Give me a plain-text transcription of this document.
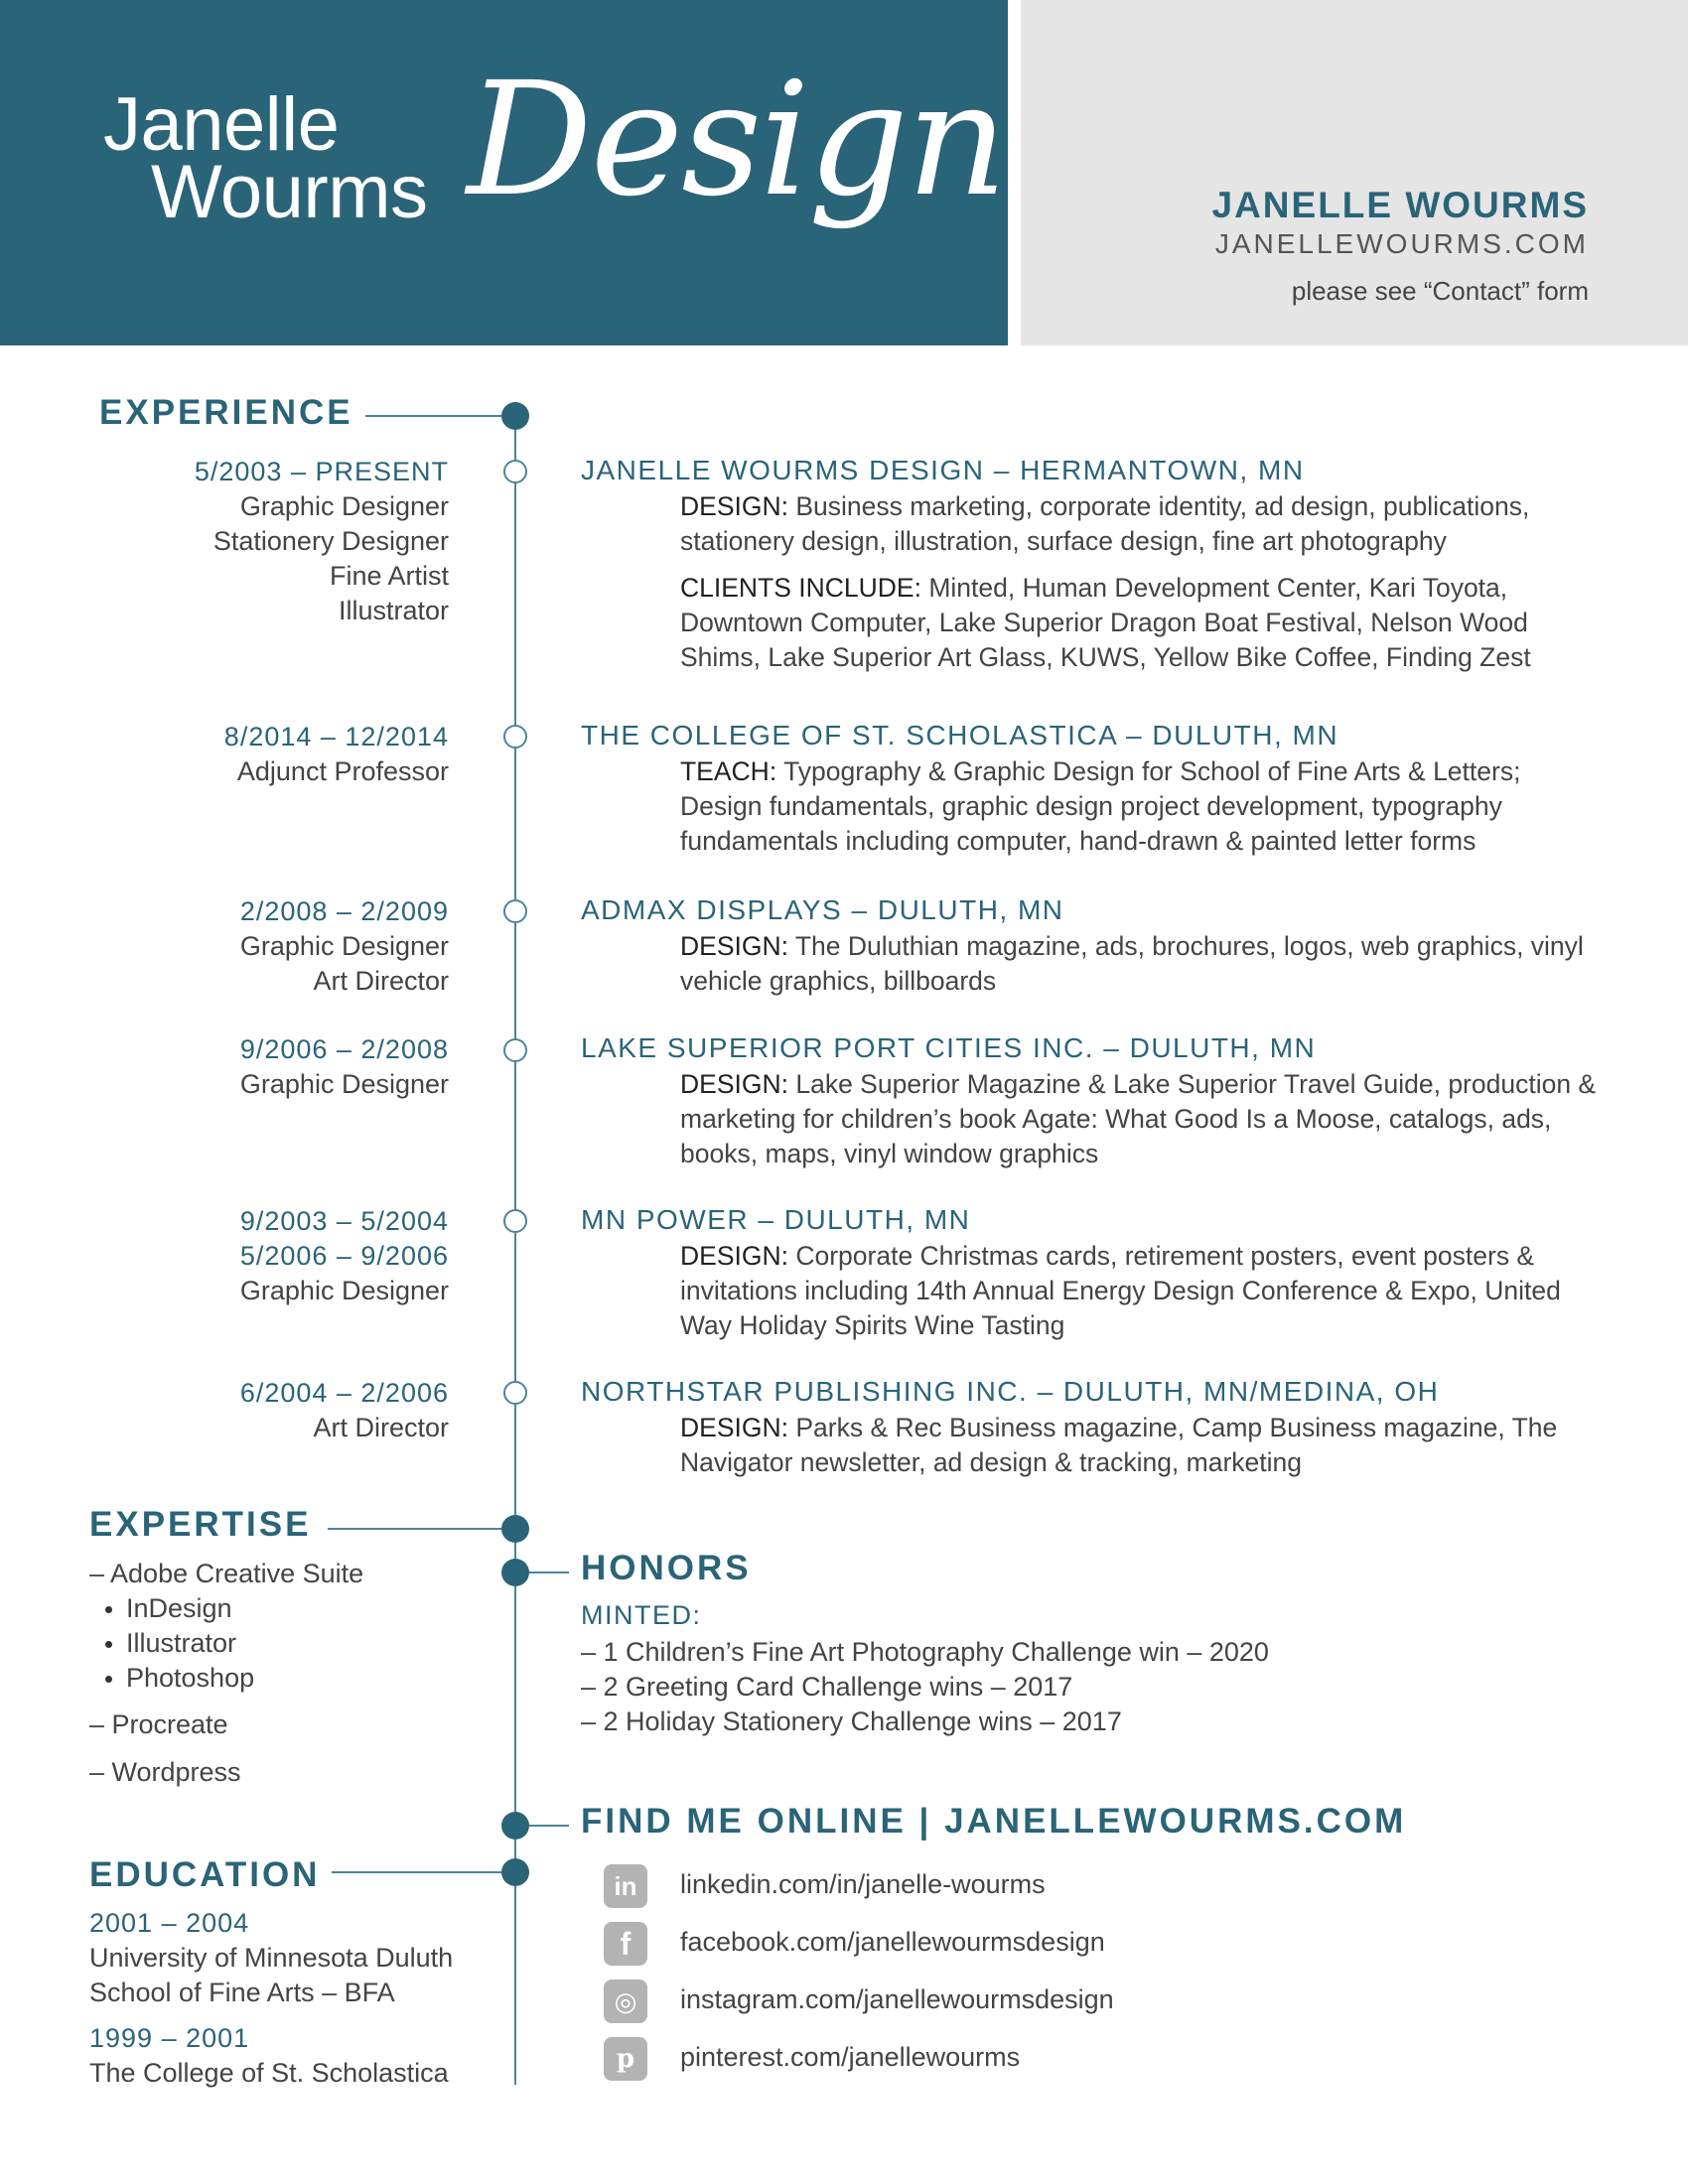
Janelle
Wourms Design	JANELLE WOURMS
JANELLEWOURMS.COM
please see “Contact” form
EXPERIENCE
5/2003 – PRESENT
Graphic Designer
Stationery Designer
Fine Artist
Illustrator
JANELLE WOURMS DESIGN – HERMANTOWN, MN
DESIGN: Business marketing, corporate identity, ad design, publications, stationery design, illustration, surface design, fine art photography
CLIENTS INCLUDE: Minted, Human Development Center, Kari Toyota, Downtown Computer, Lake Superior Dragon Boat Festival, Nelson Wood Shims, Lake Superior Art Glass, KUWS, Yellow Bike Coffee, Finding Zest
8/2014 – 12/2014
Adjunct Professor
THE COLLEGE OF ST. SCHOLASTICA – DULUTH, MN
TEACH: Typography & Graphic Design for School of Fine Arts & Letters; Design fundamentals, graphic design project development, typography fundamentals including computer, hand-drawn & painted letter forms
2/2008 – 2/2009
Graphic Designer
Art Director
ADMAX DISPLAYS – DULUTH, MN
DESIGN: The Duluthian magazine, ads, brochures, logos, web graphics, vinyl vehicle graphics, billboards
9/2006 – 2/2008
Graphic Designer
LAKE SUPERIOR PORT CITIES INC. – DULUTH, MN
DESIGN: Lake Superior Magazine & Lake Superior Travel Guide, production & marketing for children’s book Agate: What Good Is a Moose, catalogs, ads, books, maps, vinyl window graphics
9/2003 – 5/2004
5/2006 – 9/2006
Graphic Designer
MN POWER – DULUTH, MN
DESIGN: Corporate Christmas cards, retirement posters, event posters & invitations including 14th Annual Energy Design Conference & Expo, United Way Holiday Spirits Wine Tasting
6/2004 – 2/2006
Art Director
NORTHSTAR PUBLISHING INC. – DULUTH, MN/MEDINA, OH
DESIGN: Parks & Rec Business magazine, Camp Business magazine, The Navigator newsletter, ad design & tracking, marketing
EXPERTISE
– Adobe Creative Suite
InDesign
Illustrator
Photoshop
– Procreate
– Wordpress
HONORS
MINTED:
– 1 Children’s Fine Art Photography Challenge win – 2020
– 2 Greeting Card Challenge wins – 2017
– 2 Holiday Stationery Challenge wins – 2017
FIND ME ONLINE | JANELLEWOURMS.COM
in	linkedin.com/in/janelle-wourms
f	facebook.com/janellewourmsdesign
◎	instagram.com/janellewourmsdesign
p	pinterest.com/janellewourms
EDUCATION
2001 – 2004
University of Minnesota Duluth
School of Fine Arts – BFA
1999 – 2001
The College of St. Scholastica
